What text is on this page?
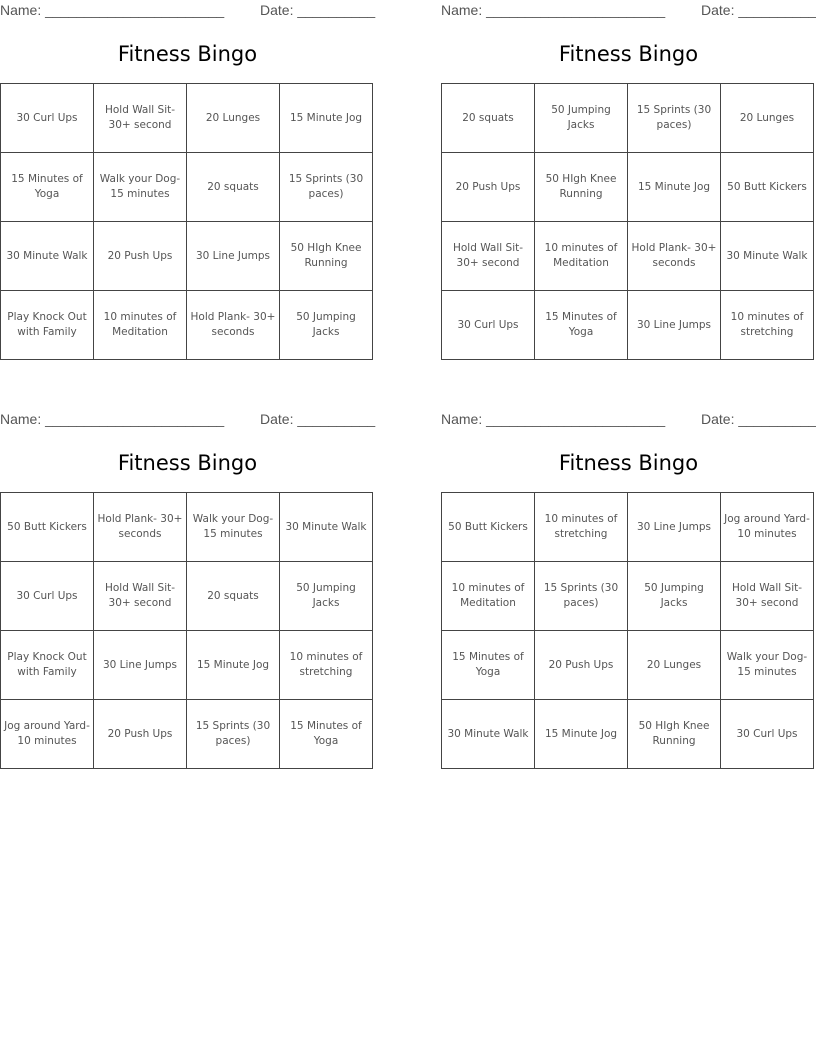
Name: _______________________	Date: __________
Fitness Bingo
30 Curl Ups	Hold Wall Sit- 30+ second	20 Lunges	15 Minute Jog
15 Minutes of Yoga	Walk your Dog-15 minutes	20 squats	15 Sprints (30 paces)
30 Minute Walk	20 Push Ups	30 Line Jumps	50 HIgh Knee Running
Play Knock Out with Family	10 minutes of Meditation	Hold Plank- 30+ seconds	50 Jumping Jacks
Name: _______________________	Date: __________
Fitness Bingo
20 squats	50 Jumping Jacks	15 Sprints (30 paces)	20 Lunges
20 Push Ups	50 HIgh Knee Running	15 Minute Jog	50 Butt Kickers
Hold Wall Sit- 30+ second	10 minutes of Meditation	Hold Plank- 30+ seconds	30 Minute Walk
30 Curl Ups	15 Minutes of Yoga	30 Line Jumps	10 minutes of stretching
Name: _______________________	Date: __________
Fitness Bingo
50 Butt Kickers	Hold Plank- 30+ seconds	Walk your Dog-15 minutes	30 Minute Walk
30 Curl Ups	Hold Wall Sit- 30+ second	20 squats	50 Jumping Jacks
Play Knock Out with Family	30 Line Jumps	15 Minute Jog	10 minutes of stretching
Jog around Yard- 10 minutes	20 Push Ups	15 Sprints (30 paces)	15 Minutes of Yoga
Name: _______________________	Date: __________
Fitness Bingo
50 Butt Kickers	10 minutes of stretching	30 Line Jumps	Jog around Yard- 10 minutes
10 minutes of Meditation	15 Sprints (30 paces)	50 Jumping Jacks	Hold Wall Sit- 30+ second
15 Minutes of Yoga	20 Push Ups	20 Lunges	Walk your Dog-15 minutes
30 Minute Walk	15 Minute Jog	50 HIgh Knee Running	30 Curl Ups
